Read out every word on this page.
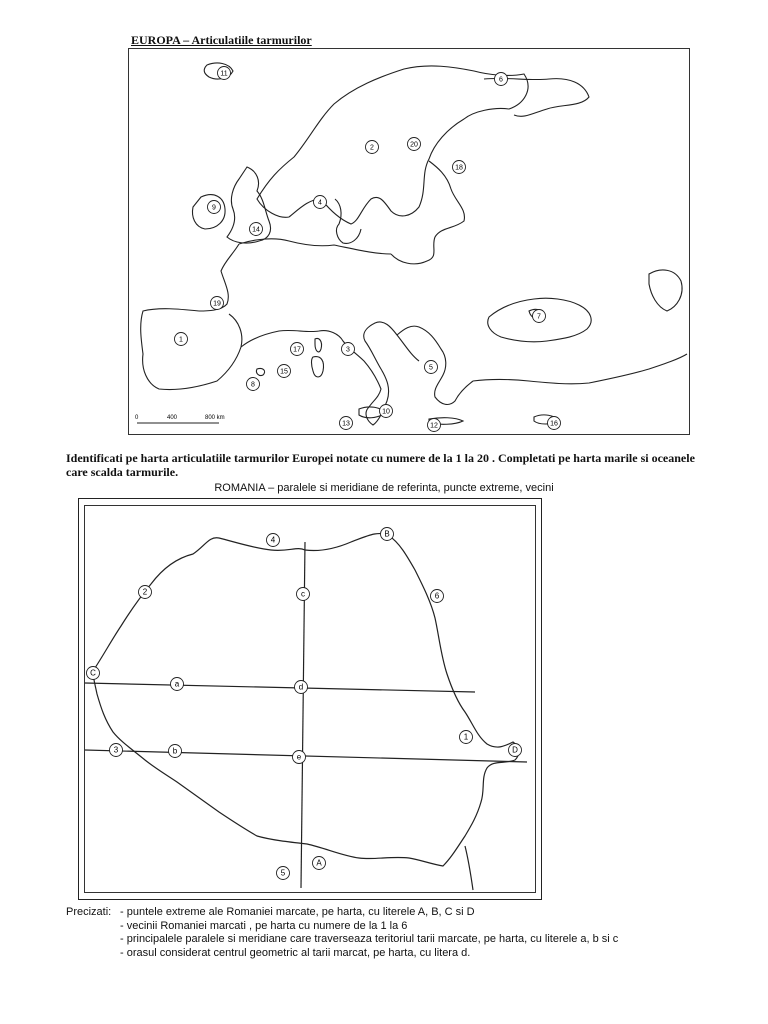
EUROPA – Articulatiile tarmurilor
0	400	800 km
11
6
2	20
18
4
9
14
19
1
17	3
15
8
5
7
10
13	12	16
Identificati pe harta articulatiile tarmurilor Europei notate cu numere de la 1 la 20 . Completati pe harta marile si oceanele care scalda tarmurile.
ROMANIA – paralele si meridiane de referinta, puncte extreme, vecini
A
B
C
D
a
b
c
d
e
1
2
3
4
5
6
Precizati: - puntele extreme ale Romaniei marcate, pe harta, cu literele A, B, C si D
- vecinii Romaniei marcati , pe harta cu numere de la 1 la 6
- principalele paralele si meridiane care traverseaza teritoriul tarii marcate, pe harta, cu literele a, b si c
- orasul considerat centrul geometric al tarii marcat, pe harta, cu litera d.
